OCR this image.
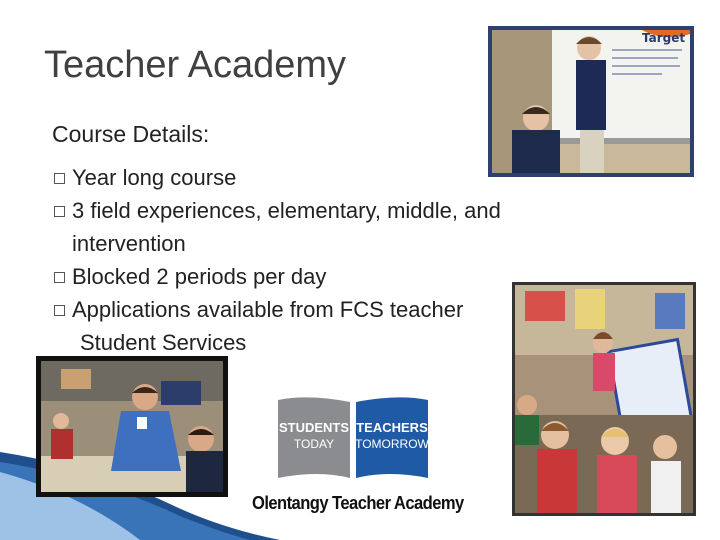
Teacher Academy
Course Details:
Year long course
3 field experiences, elementary, middle, and
intervention
Blocked 2 periods per day
Applications available from FCS teacher
Student Services
Target
STUDENTS
TODAY
TEACHERS
TOMORROW
Olentangy Teacher Academy
